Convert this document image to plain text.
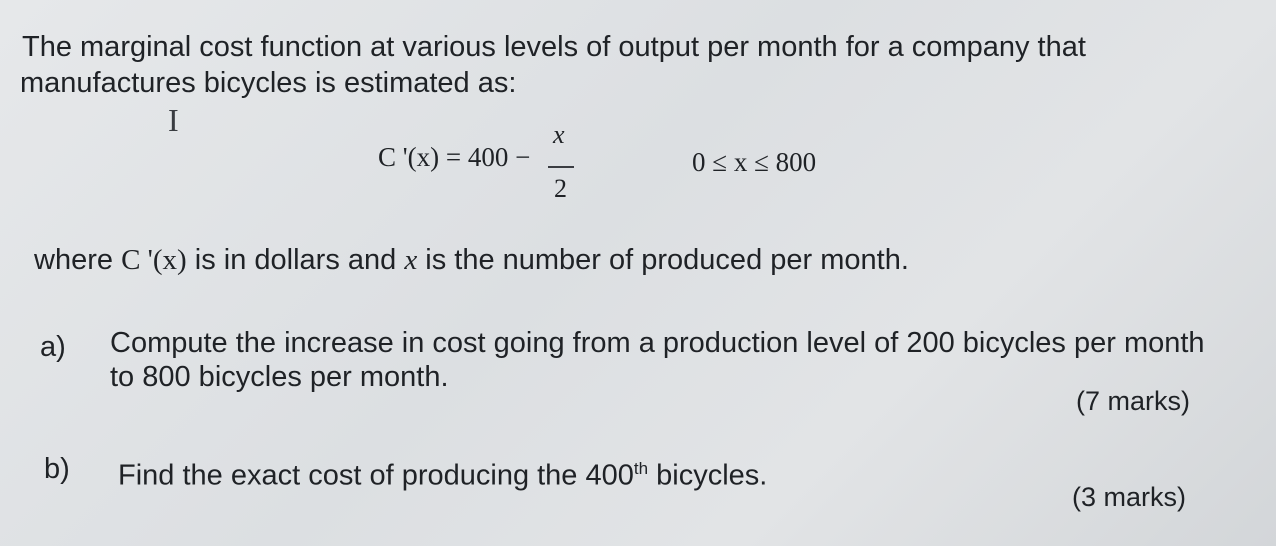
The marginal cost function at various levels of output per month for a company that
manufactures bicycles is estimated as:
I
C '(x) = 400 −
x
2
0 ≤ x ≤ 800
where C '(x) is in dollars and x is the number of produced per month.
a) Compute the increase in cost going from a production level of 200 bicycles per month
to 800 bicycles per month.
(7 marks)
b) Find the exact cost of producing the 400th bicycles.
(3 marks)
